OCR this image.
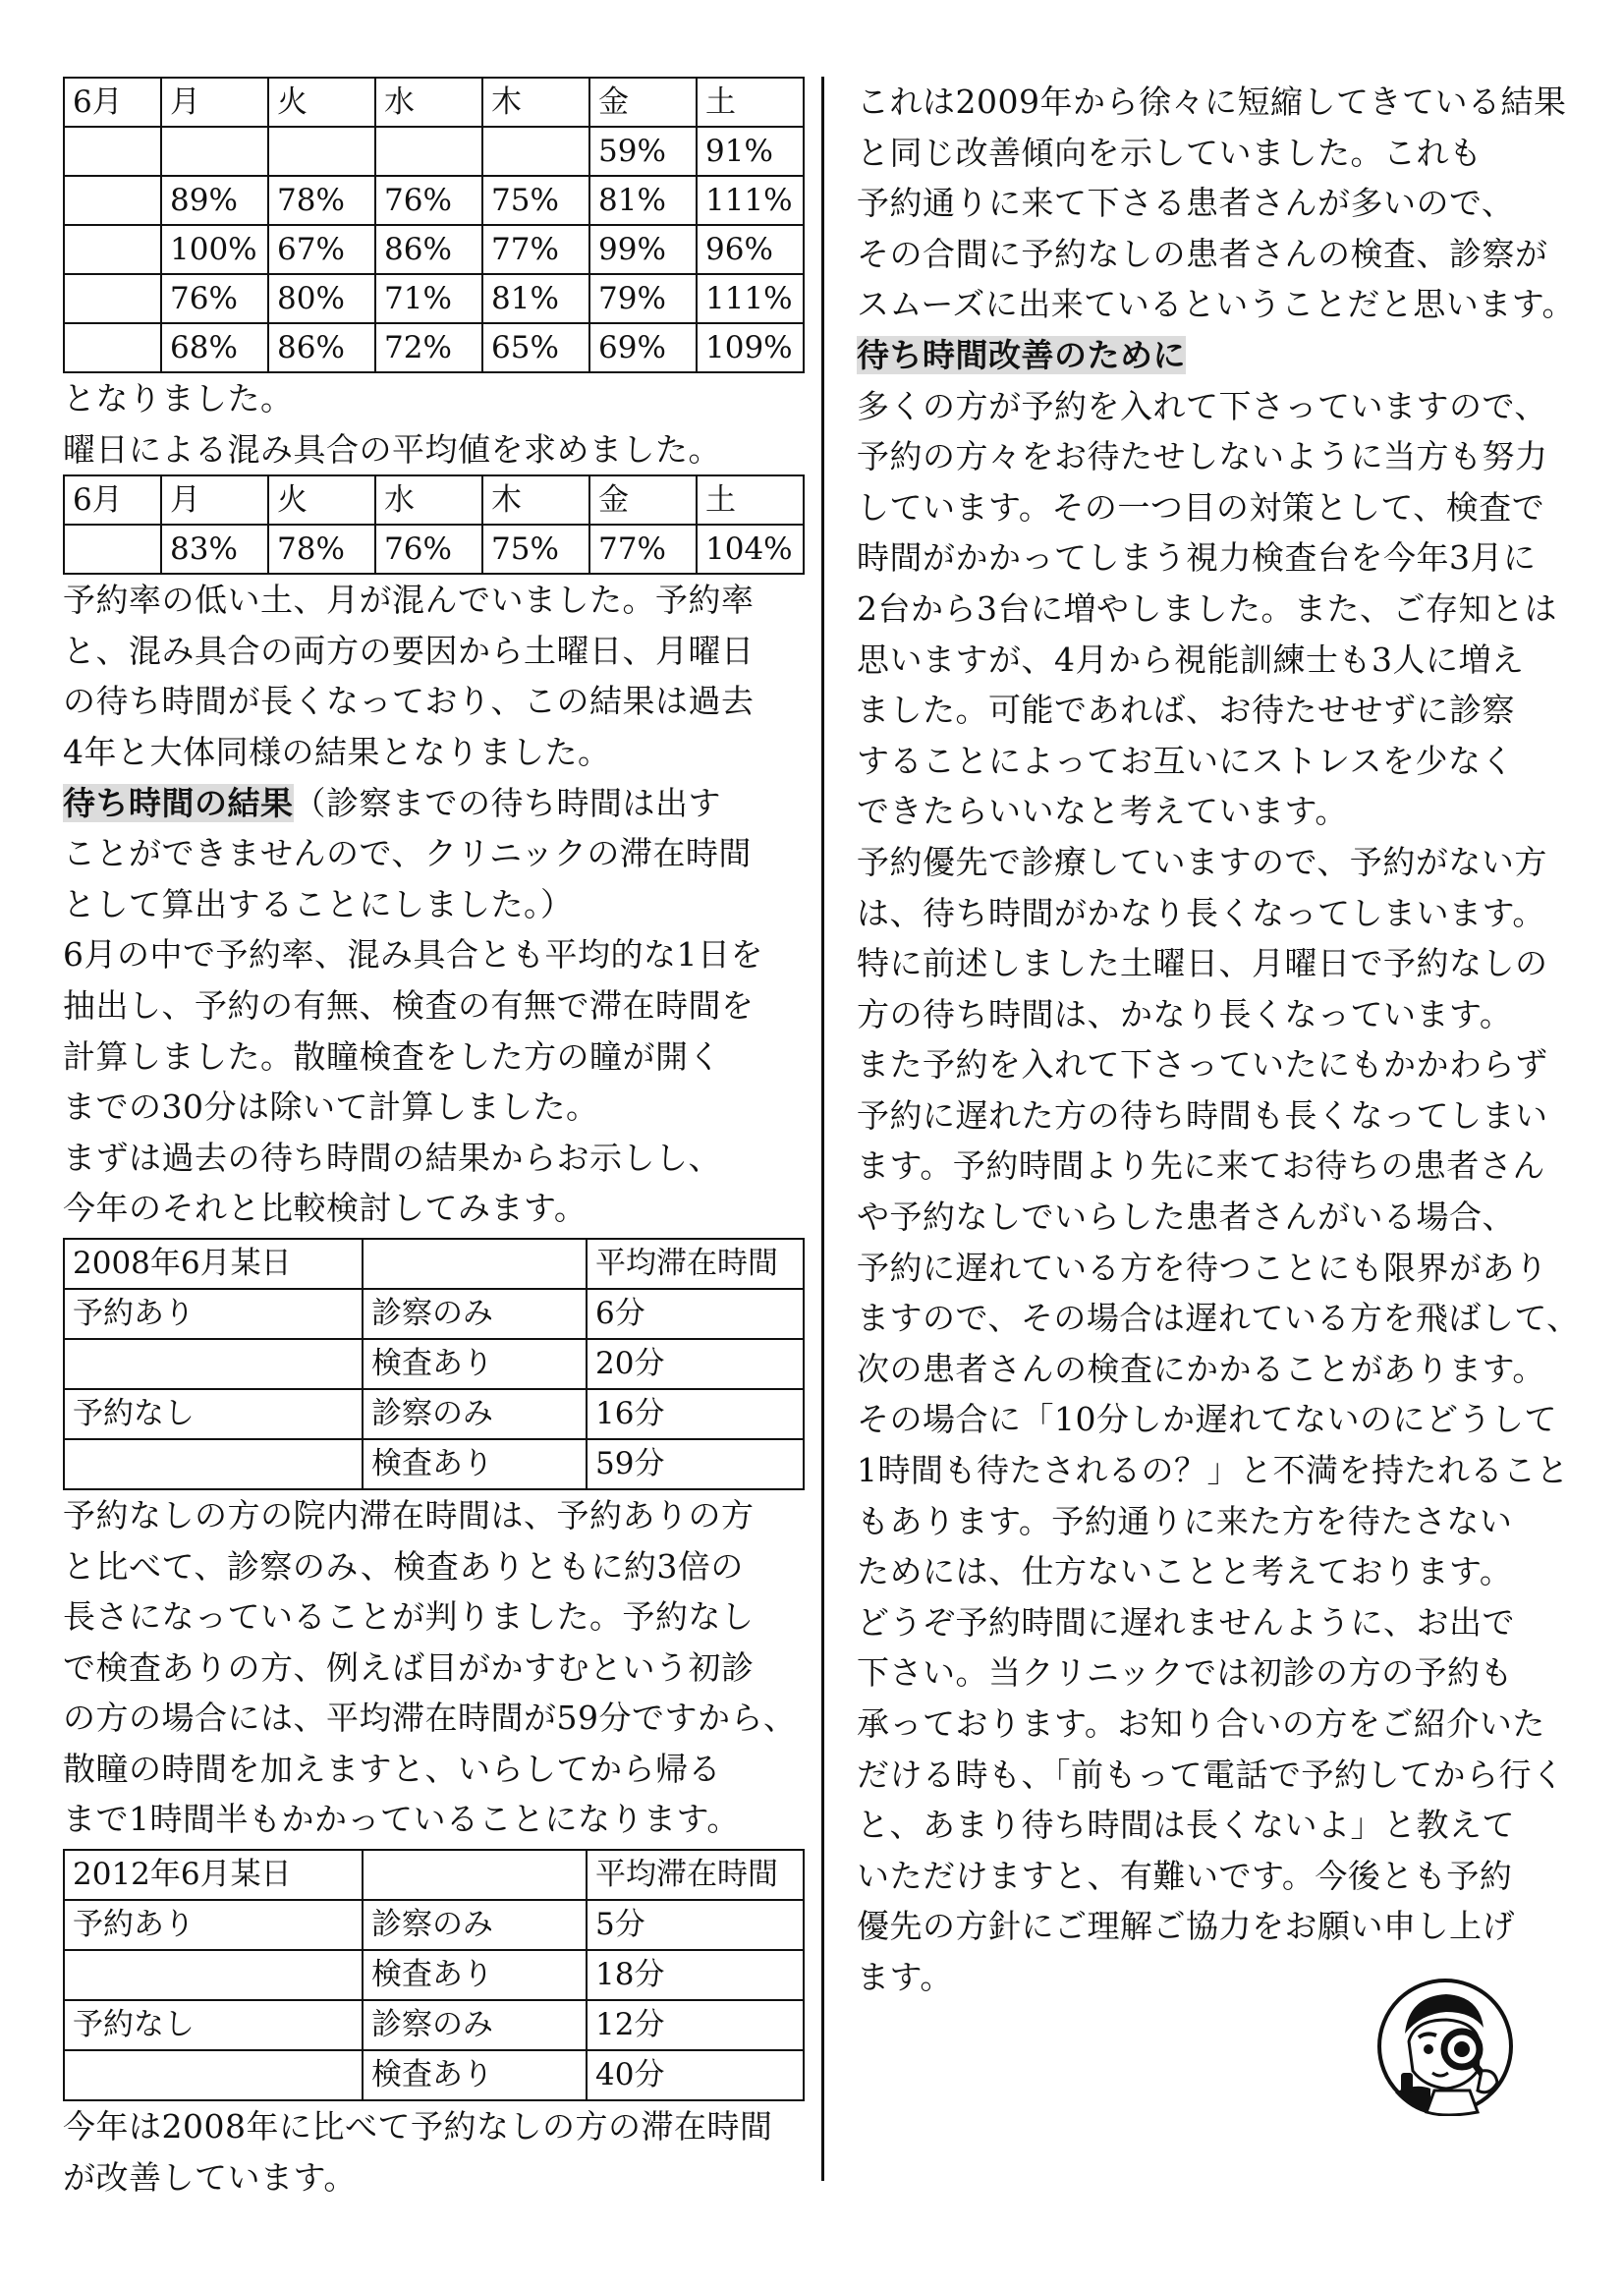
6月	月	火	水	木	金	土
					59%	91%
	89%	78%	76%	75%	81%	111%
	100%	67%	86%	77%	99%	96%
	76%	80%	71%	81%	79%	111%
	68%	86%	72%	65%	69%	109%

となりました。

曜日による混み具合の平均値を求めました。

6月	月	火	水	木	金	土
	83%	78%	76%	75%	77%	104%

予約率の低い土、月が混んでいました。予約率

と、混み具合の両方の要因から土曜日、月曜日

の待ち時間が長くなっており、この結果は過去

4年と大体同様の結果となりました。

待ち時間の結果（診察までの待ち時間は出す

ことができませんので、クリニックの滞在時間

として算出することにしました。）

6月の中で予約率、混み具合とも平均的な1日を

抽出し、予約の有無、検査の有無で滞在時間を

計算しました。散瞳検査をした方の瞳が開く

までの30分は除いて計算しました。

まずは過去の待ち時間の結果からお示しし、

今年のそれと比較検討してみます。

2008年6月某日		平均滞在時間
予約あり	診察のみ	6分
	検査あり	20分
予約なし	診察のみ	16分
	検査あり	59分

予約なしの方の院内滞在時間は、予約ありの方

と比べて、診察のみ、検査ありともに約3倍の

長さになっていることが判りました。予約なし

で検査ありの方、例えば目がかすむという初診

の方の場合には、平均滞在時間が59分ですから、

散瞳の時間を加えますと、いらしてから帰る

まで1時間半もかかっていることになります。

2012年6月某日		平均滞在時間
予約あり	診察のみ	5分
	検査あり	18分
予約なし	診察のみ	12分
	検査あり	40分

今年は2008年に比べて予約なしの方の滞在時間

が改善しています。

これは2009年から徐々に短縮してきている結果

と同じ改善傾向を示していました。これも

予約通りに来て下さる患者さんが多いので、

その合間に予約なしの患者さんの検査、診察が

スムーズに出来ているということだと思います。

待ち時間改善のために

多くの方が予約を入れて下さっていますので、

予約の方々をお待たせしないように当方も努力

しています。その一つ目の対策として、検査で

時間がかかってしまう視力検査台を今年3月に

2台から3台に増やしました。また、ご存知とは

思いますが、4月から視能訓練士も3人に増え

ました。可能であれば、お待たせせずに診察

することによってお互いにストレスを少なく

できたらいいなと考えています。

予約優先で診療していますので、予約がない方

は、待ち時間がかなり長くなってしまいます。

特に前述しました土曜日、月曜日で予約なしの

方の待ち時間は、かなり長くなっています。

また予約を入れて下さっていたにもかかわらず

予約に遅れた方の待ち時間も長くなってしまい

ます。予約時間より先に来てお待ちの患者さん

や予約なしでいらした患者さんがいる場合、

予約に遅れている方を待つことにも限界があり

ますので、その場合は遅れている方を飛ばして、

次の患者さんの検査にかかることがあります。

その場合に「10分しか遅れてないのにどうして

1時間も待たされるの？」と不満を持たれること

もあります。予約通りに来た方を待たさない

ためには、仕方ないことと考えております。

どうぞ予約時間に遅れませんように、お出で

下さい。当クリニックでは初診の方の予約も

承っております。お知り合いの方をご紹介いた

だける時も、「前もって電話で予約してから行く

と、あまり待ち時間は長くないよ」と教えて

いただけますと、有難いです。今後とも予約

優先の方針にご理解ご協力をお願い申し上げ

ます。
